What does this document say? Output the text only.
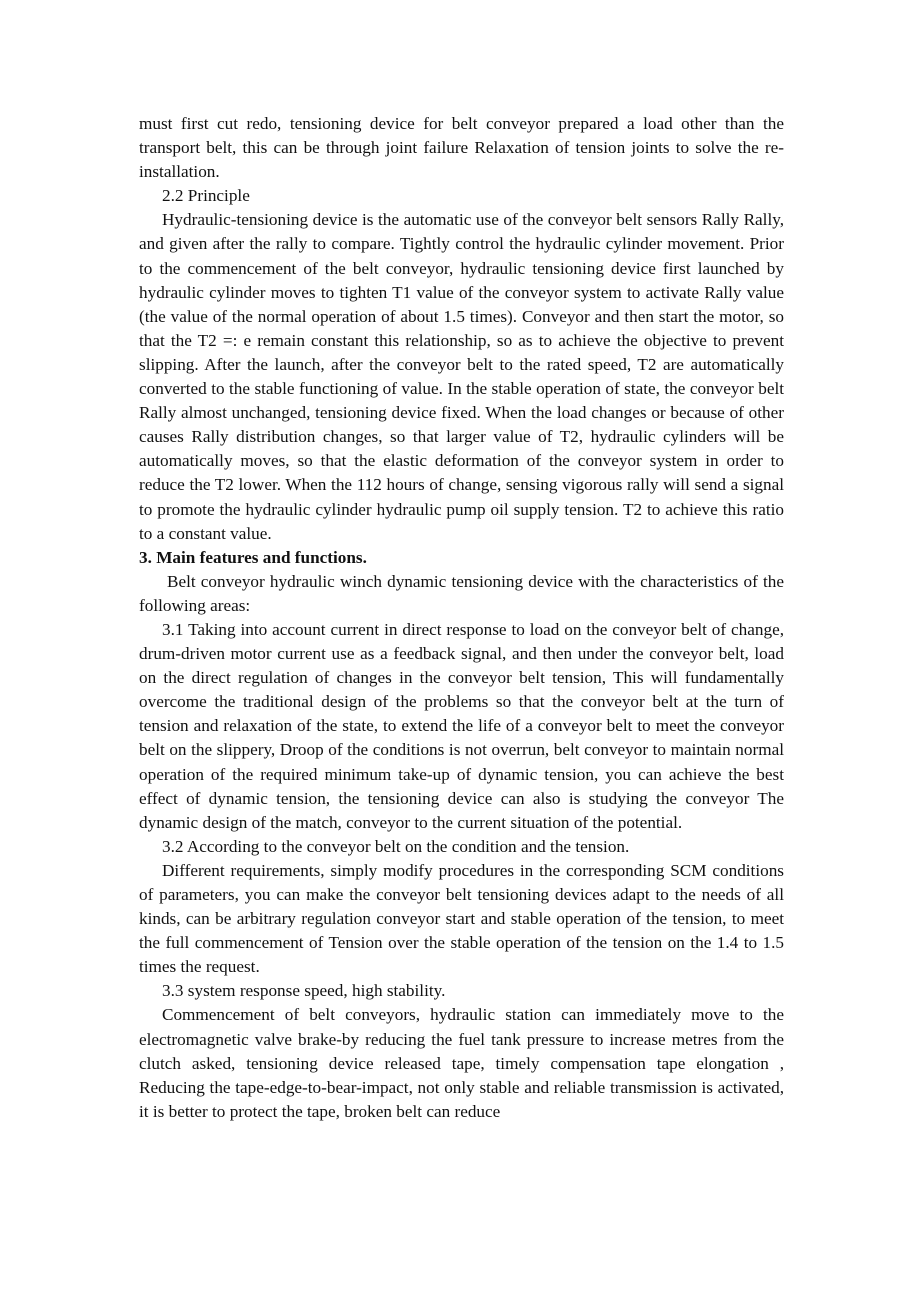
must first cut redo, tensioning device for belt conveyor prepared a load other than the transport belt, this can be through joint failure Relaxation of tension joints to solve the re-installation.

2.2 Principle

Hydraulic-tensioning device is the automatic use of the conveyor belt sensors Rally Rally, and given after the rally to compare. Tightly control the hydraulic cylinder movement. Prior to the commencement of the belt conveyor, hydraulic tensioning device first launched by hydraulic cylinder moves to tighten T1 value of the conveyor system to activate Rally value (the value of the normal operation of about 1.5 times). Conveyor and then start the motor, so that the T2 =: e remain constant this relationship, so as to achieve the objective to prevent slipping. After the launch, after the conveyor belt to the rated speed, T2 are automatically converted to the stable functioning of value. In the stable operation of state, the conveyor belt Rally almost unchanged, tensioning device fixed. When the load changes or because of other causes Rally distribution changes, so that larger value of T2, hydraulic cylinders will be automatically moves, so that the elastic deformation of the conveyor system in order to reduce the T2 lower. When the 112 hours of change, sensing vigorous rally will send a signal to promote the hydraulic cylinder hydraulic pump oil supply tension. T2 to achieve this ratio to a constant value.

3. Main features and functions.

Belt conveyor hydraulic winch dynamic tensioning device with the characteristics of the following areas:

3.1 Taking into account current in direct response to load on the conveyor belt of change, drum-driven motor current use as a feedback signal, and then under the conveyor belt, load on the direct regulation of changes in the conveyor belt tension, This will fundamentally overcome the traditional design of the problems so that the conveyor belt at the turn of tension and relaxation of the state, to extend the life of a conveyor belt to meet the conveyor belt on the slippery, Droop of the conditions is not overrun, belt conveyor to maintain normal operation of the required minimum take-up of dynamic tension, you can achieve the best effect of dynamic tension, the tensioning device can also is studying the conveyor The dynamic design of the match, conveyor to the current situation of the potential.

3.2 According to the conveyor belt on the condition and the tension.

Different requirements, simply modify procedures in the corresponding SCM conditions of parameters, you can make the conveyor belt tensioning devices adapt to the needs of all kinds, can be arbitrary regulation conveyor start and stable operation of the tension, to meet the full commencement of Tension over the stable operation of the tension on the 1.4 to 1.5 times the request.

3.3 system response speed, high stability.

Commencement of belt conveyors, hydraulic station can immediately move to the electromagnetic valve brake-by reducing the fuel tank pressure to increase metres from the clutch asked, tensioning device released tape, timely compensation tape elongation , Reducing the tape-edge-to-bear-impact, not only stable and reliable transmission is activated, it is better to protect the tape, broken belt can reduce
